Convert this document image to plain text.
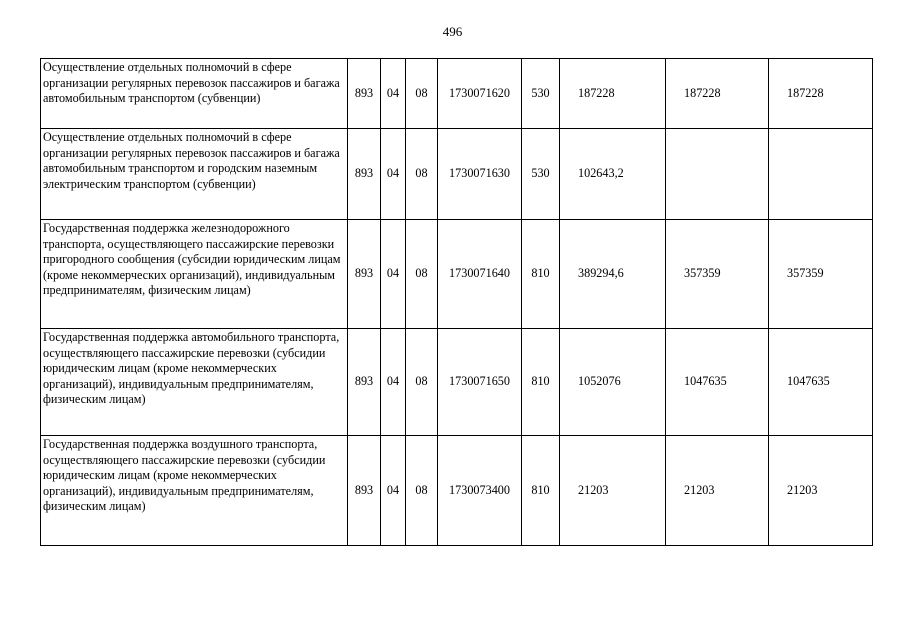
496
Осуществление отдельных полномочий в сфере организации регулярных перевозок пассажиров и багажа автомобильным транспортом (субвенции)	893	04	08	1730071620	530	187228	187228	187228
Осуществление отдельных полномочий в сфере организации регулярных перевозок пассажиров и багажа автомобильным транспортом и городским наземным электрическим транспортом (субвенции)	893	04	08	1730071630	530	102643,2		
Государственная поддержка железнодорожного транспорта, осуществляющего пассажирские перевозки пригородного сообщения (субсидии юридическим лицам (кроме некоммерческих организаций), индивидуальным предпринимателям, физическим лицам)	893	04	08	1730071640	810	389294,6	357359	357359
Государственная поддержка автомобильного транспорта, осуществляющего пассажирские перевозки (субсидии юридическим лицам (кроме некоммерческих организаций), индивидуальным предпринимателям, физическим лицам)	893	04	08	1730071650	810	1052076	1047635	1047635
Государственная поддержка воздушного транспорта, осуществляющего пассажирские перевозки (субсидии юридическим лицам (кроме некоммерческих организаций), индивидуальным предпринимателям, физическим лицам)	893	04	08	1730073400	810	21203	21203	21203
